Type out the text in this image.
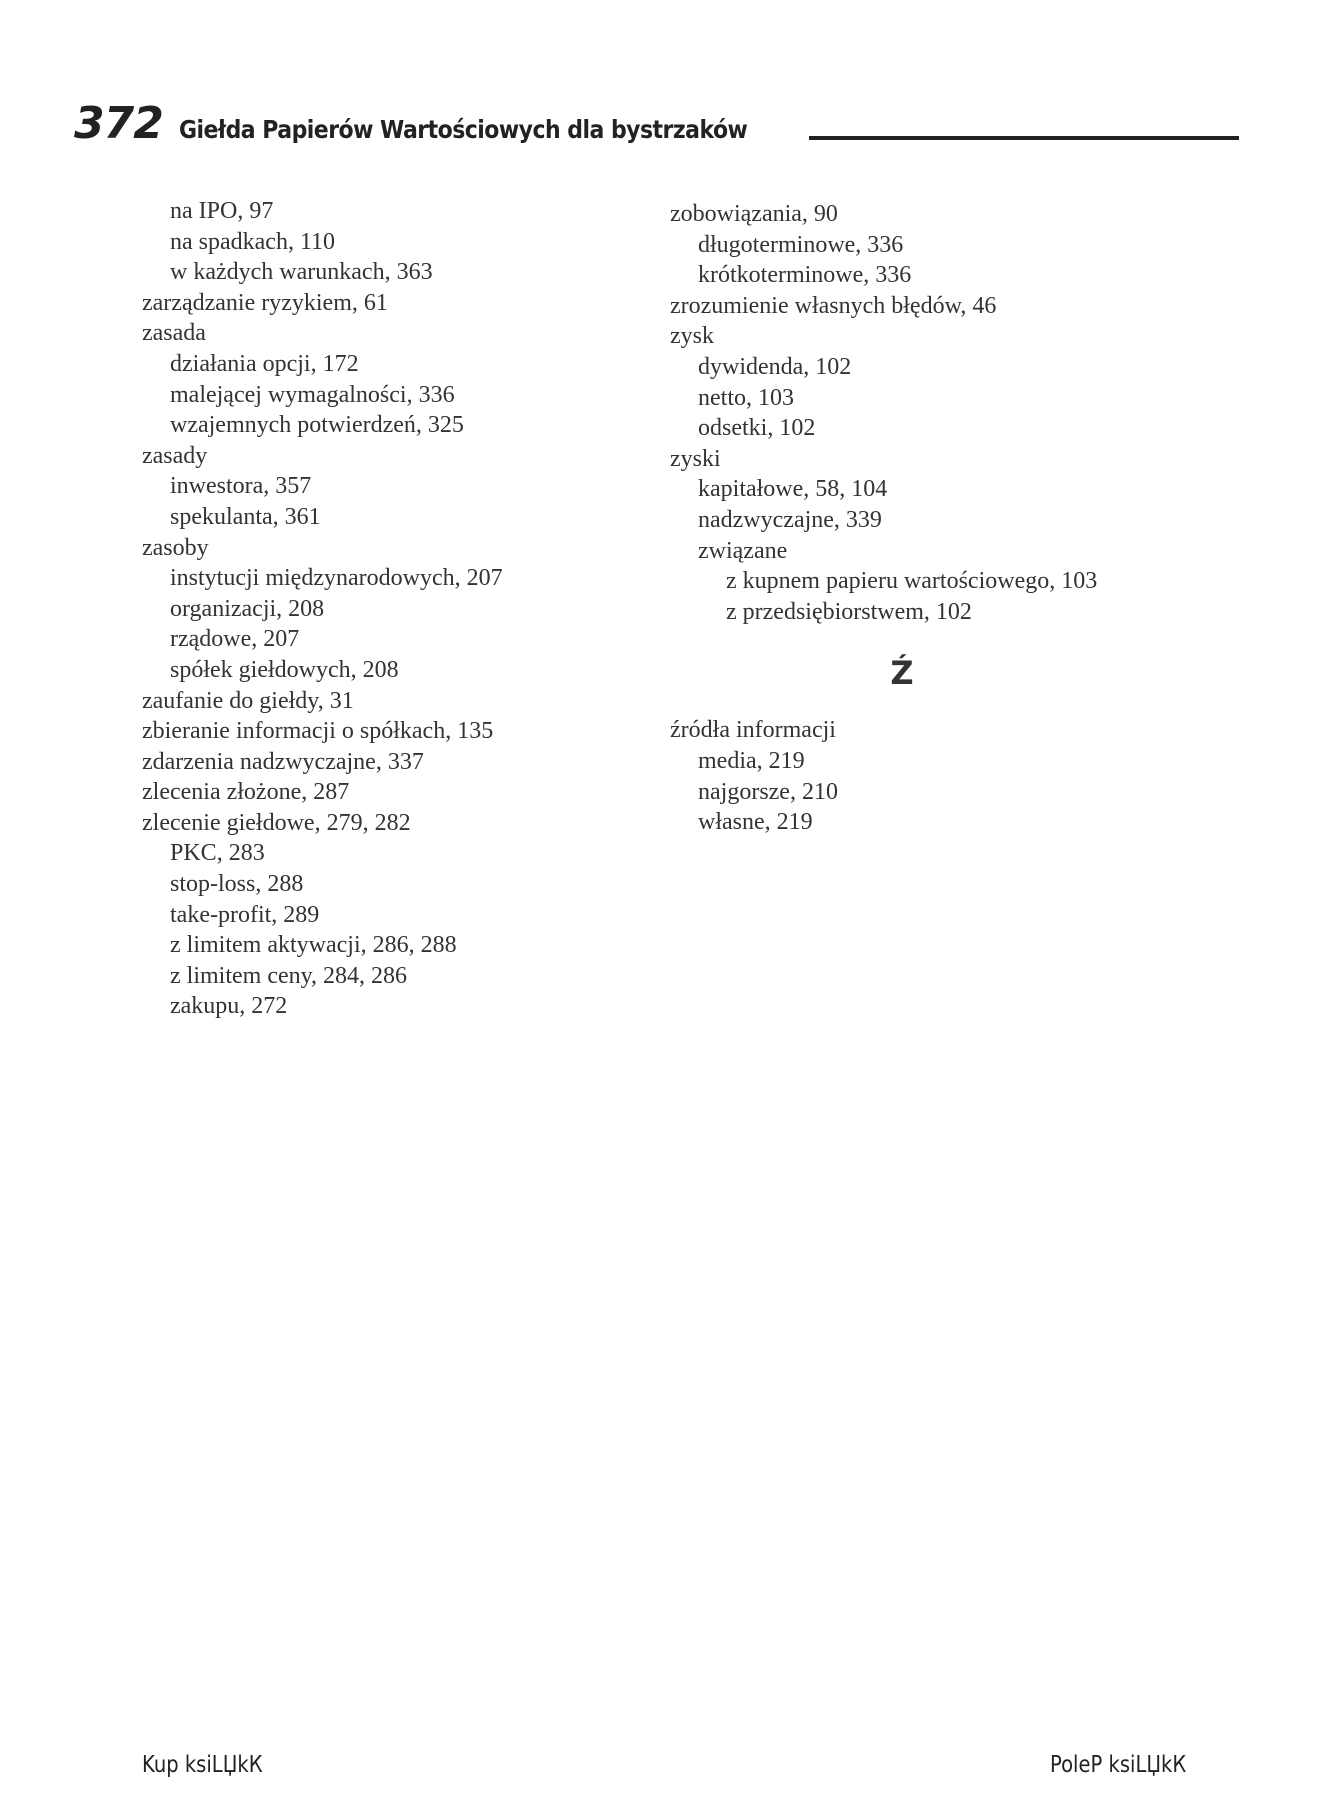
372 Giełda Papierów Wartościowych dla bystrzaków
na IPO, 97
na spadkach, 110
w każdych warunkach, 363
zarządzanie ryzykiem, 61
zasada
działania opcji, 172
malejącej wymagalności, 336
wzajemnych potwierdzeń, 325
zasady
inwestora, 357
spekulanta, 361
zasoby
instytucji międzynarodowych, 207
organizacji, 208
rządowe, 207
spółek giełdowych, 208
zaufanie do giełdy, 31
zbieranie informacji o spółkach, 135
zdarzenia nadzwyczajne, 337
zlecenia złożone, 287
zlecenie giełdowe, 279, 282
PKC, 283
stop-loss, 288
take-profit, 289
z limitem aktywacji, 286, 288
z limitem ceny, 284, 286
zakupu, 272
zobowiązania, 90
długoterminowe, 336
krótkoterminowe, 336
zrozumienie własnych błędów, 46
zysk
dywidenda, 102
netto, 103
odsetki, 102
zyski
kapitałowe, 58, 104
nadzwyczajne, 339
związane
z kupnem papieru wartościowego, 103
z przedsiębiorstwem, 102
Ź
źródła informacji
media, 219
najgorsze, 210
własne, 219
Kup ksiLЏkК	PoleР ksiLЏkК
